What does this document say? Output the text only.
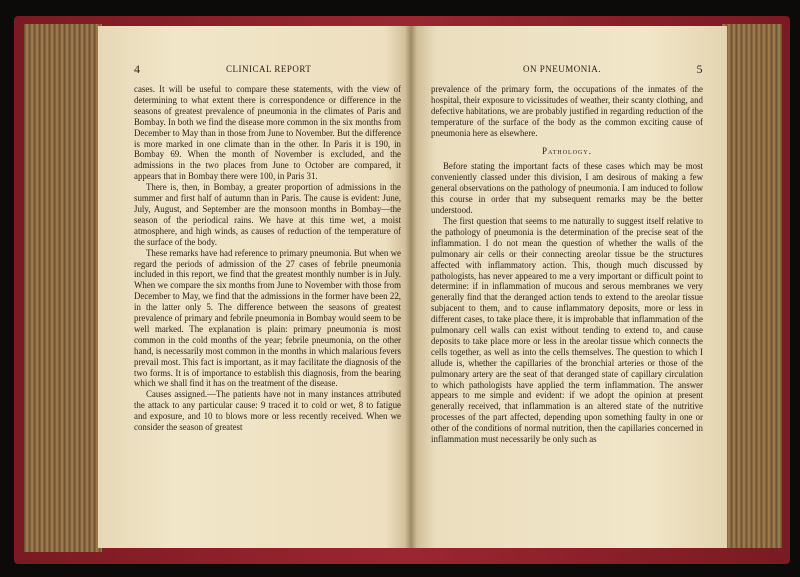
4	CLINICAL REPORT

cases. It will be useful to compare these statements, with the view of determining to what extent there is correspondence or difference in the seasons of greatest prevalence of pneumonia in the climates of Paris and Bombay. In both we find the disease more common in the six months from December to May than in those from June to November. But the difference is more marked in one climate than in the other. In Paris it is 190, in Bombay 69. When the month of November is excluded, and the admissions in the two places from June to October are compared, it appears that in Bombay there were 100, in Paris 31.

There is, then, in Bombay, a greater proportion of admissions in the summer and first half of autumn than in Paris. The cause is evident: June, July, August, and September are the monsoon months in Bombay—the season of the periodical rains. We have at this time wet, a moist atmosphere, and high winds, as causes of reduction of the temperature of the surface of the body.

These remarks have had reference to primary pneumonia. But when we regard the periods of admission of the 27 cases of febrile pneumonia included in this report, we find that the greatest monthly number is in July. When we compare the six months from June to November with those from December to May, we find that the admissions in the former have been 22, in the latter only 5. The difference between the seasons of greatest prevalence of primary and febrile pneumonia in Bombay would seem to be well marked. The explanation is plain: primary pneumonia is most common in the cold months of the year; febrile pneumonia, on the other hand, is necessarily most common in the months in which malarious fevers prevail most. This fact is important, as it may facilitate the diagnosis of the two forms. It is of importance to establish this diagnosis, from the bearing which we shall find it has on the treatment of the disease.

Causes assigned.—The patients have not in many instances attributed the attack to any particular cause: 9 traced it to cold or wet, 8 to fatigue and exposure, and 10 to blows more or less recently received. When we consider the season of greatest

ON PNEUMONIA.	5

prevalence of the primary form, the occupations of the inmates of the hospital, their exposure to vicissitudes of weather, their scanty clothing, and defective habitations, we are probably justified in regarding reduction of the temperature of the surface of the body as the common exciting cause of pneumonia here as elsewhere.

Pathology.

Before stating the important facts of these cases which may be most conveniently classed under this division, I am desirous of making a few general observations on the pathology of pneumonia. I am induced to follow this course in order that my subsequent remarks may be the better understood.

The first question that seems to me naturally to suggest itself relative to the pathology of pneumonia is the determination of the precise seat of the inflammation. I do not mean the question of whether the walls of the pulmonary air cells or their connecting areolar tissue be the structures affected with inflammatory action. This, though much discussed by pathologists, has never appeared to me a very important or difficult point to determine: if in inflammation of mucous and serous membranes we very generally find that the deranged action tends to extend to the areolar tissue subjacent to them, and to cause inflammatory deposits, more or less in different cases, to take place there, it is improbable that inflammation of the pulmonary cell walls can exist without tending to extend to, and cause deposits to take place more or less in the areolar tissue which connects the cells together, as well as into the cells themselves. The question to which I allude is, whether the capillaries of the bronchial arteries or those of the pulmonary artery are the seat of that deranged state of capillary circulation to which pathologists have applied the term inflammation. The answer appears to me simple and evident: if we adopt the opinion at present generally received, that inflammation is an altered state of the nutritive processes of the part affected, depending upon something faulty in one or other of the conditions of normal nutrition, then the capillaries concerned in inflammation must necessarily be only such as
